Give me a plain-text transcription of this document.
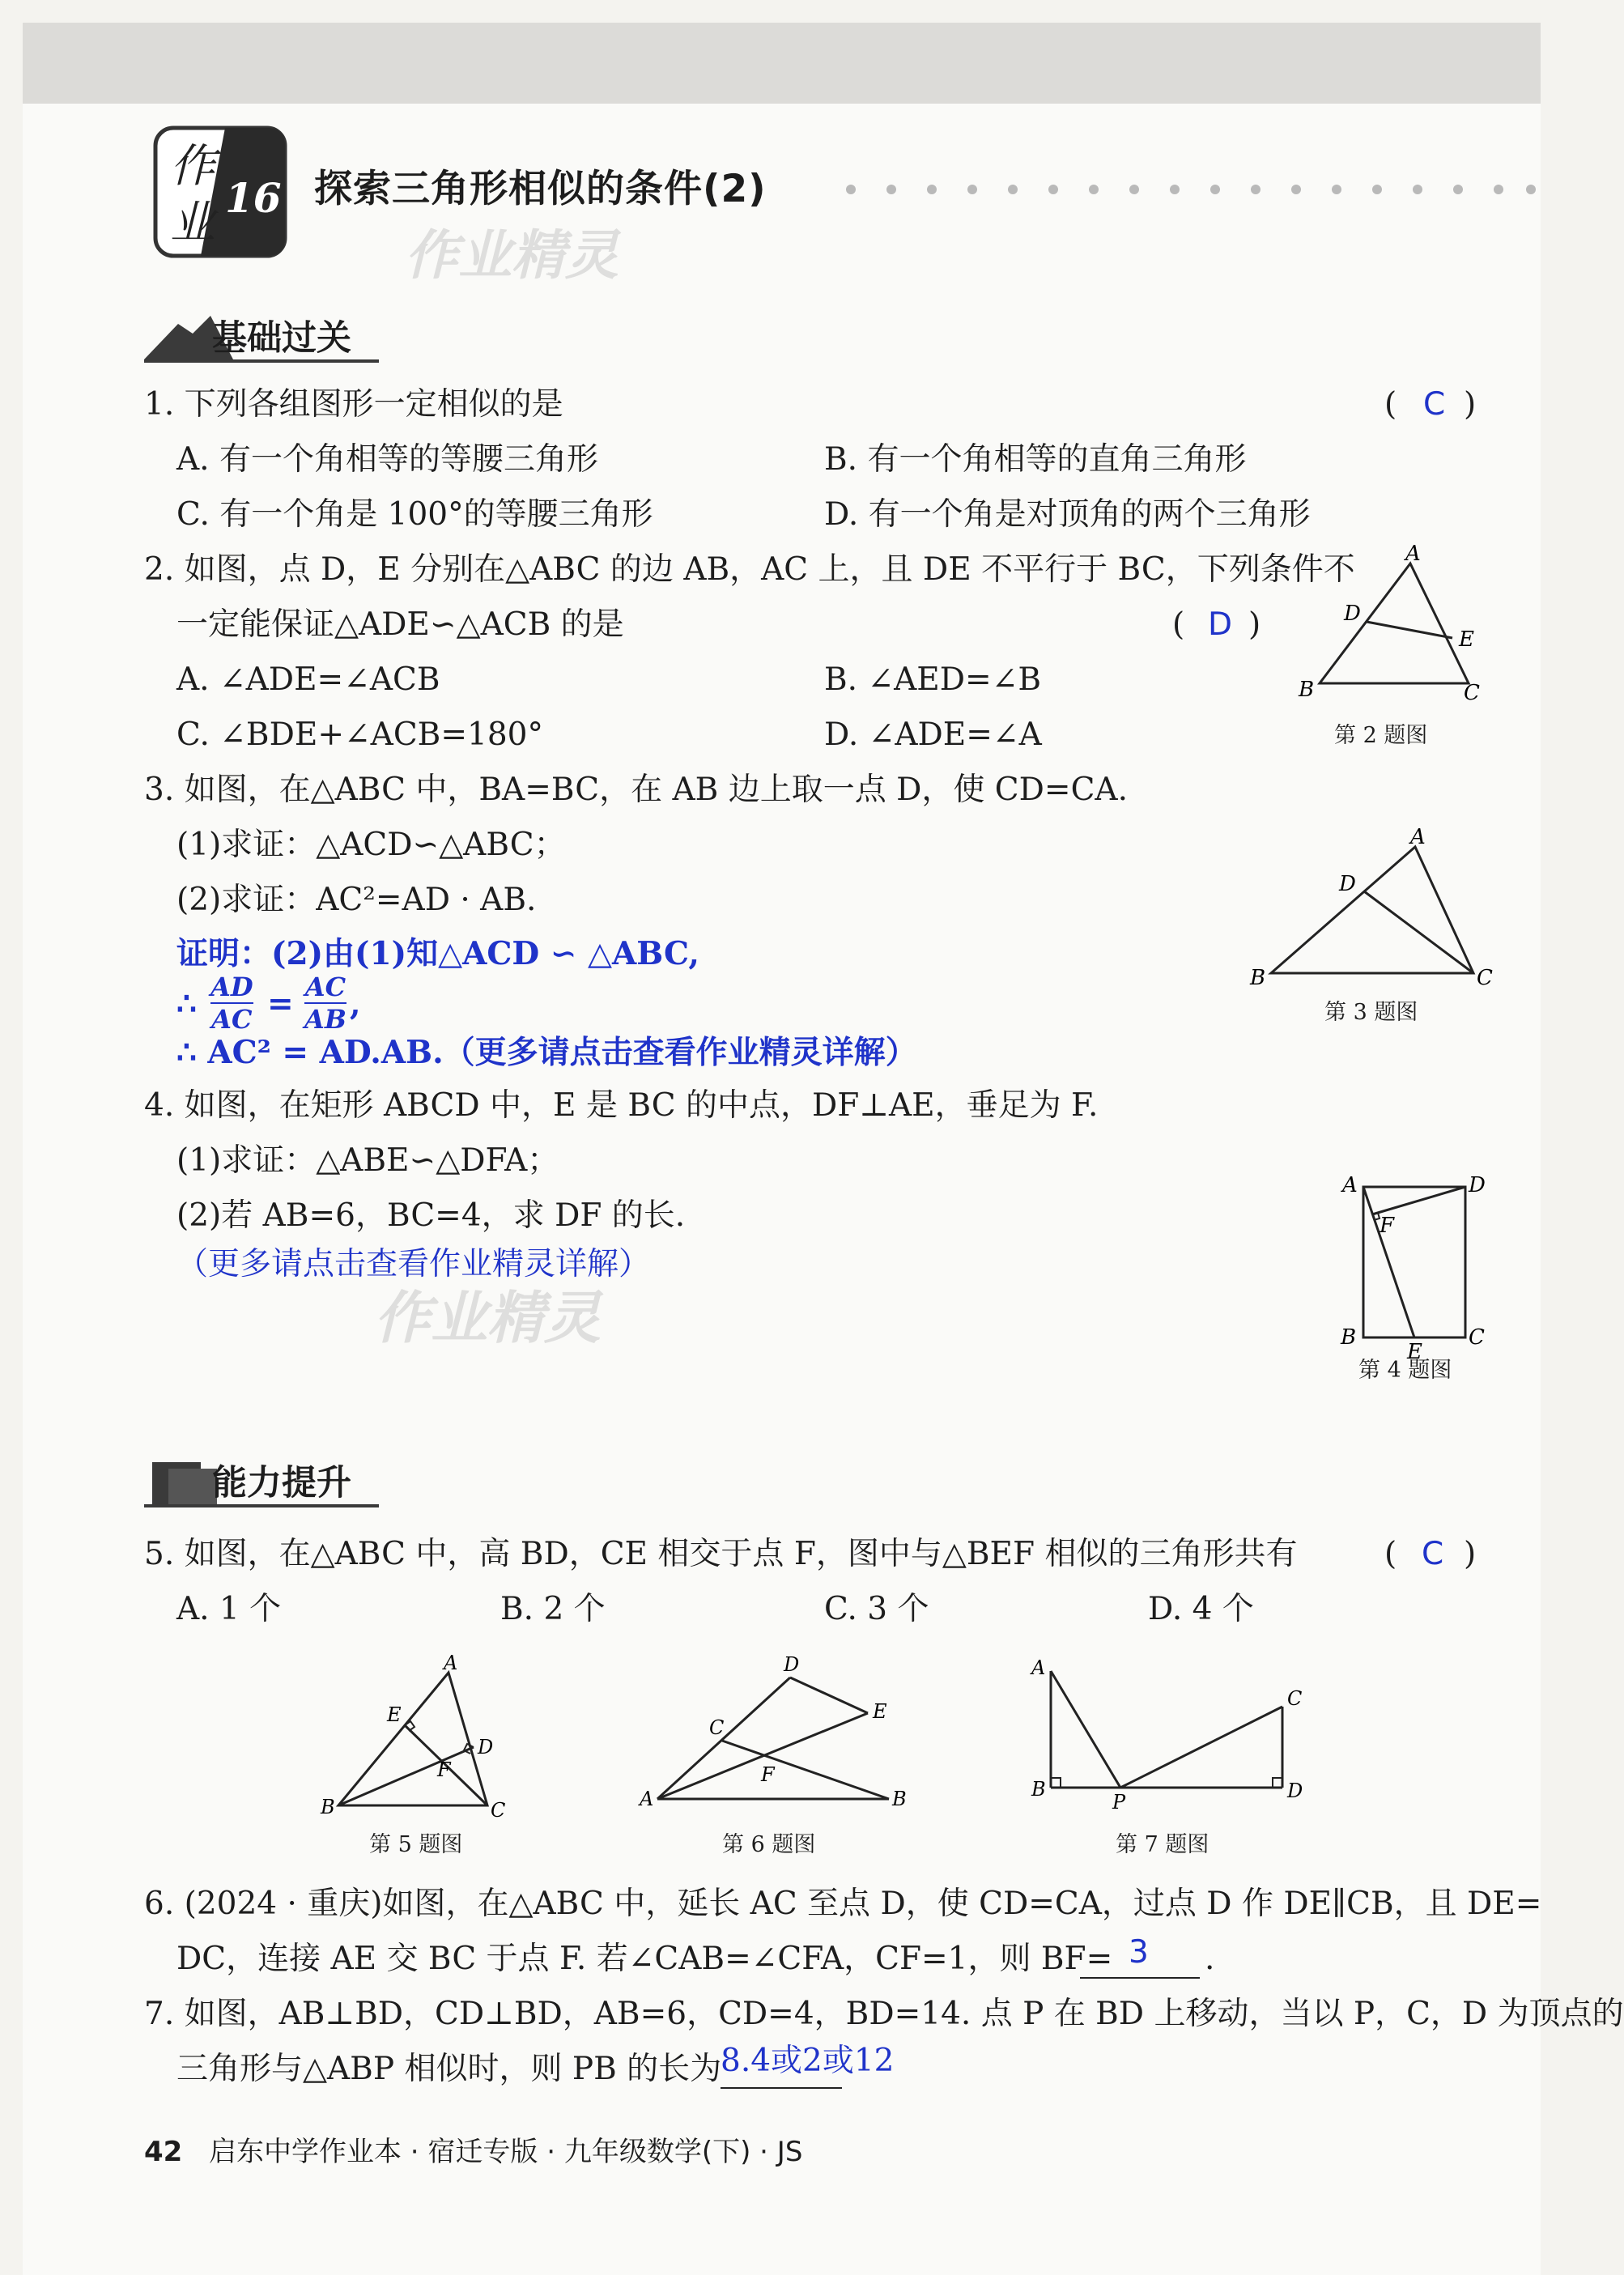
作
业 16 探索三角形相似的条件(2)
作业精灵
基础过关
1. 下列各组图形一定相似的是	( C )
A. 有一个角相等的等腰三角形	B. 有一个角相等的直角三角形
C. 有一个角是 100°的等腰三角形	D. 有一个角是对顶角的两个三角形
2. 如图，点 D，E 分别在△ABC 的边 AB，AC 上，且 DE 不平行于 BC，下列条件不
一定能保证△ADE∽△ACB 的是	( D )
A. ∠ADE=∠ACB	B. ∠AED=∠B
C. ∠BDE+∠ACB=180°	D. ∠ADE=∠A
A
D
E
B	C
第 2 题图
3. 如图，在△ABC 中，BA=BC，在 AB 边上取一点 D，使 CD=CA.
(1)求证：△ACD∽△ABC；
(2)求证：AC²=AD · AB.
证明：(2)由(1)知△ACD ∽ △ABC,
∴ AD
AC = AC
AB ,
∴ AC² = AD.AB.（更多请点击查看作业精灵详解）
A
D
B	C
第 3 题图
4. 如图，在矩形 ABCD 中，E 是 BC 的中点，DF⊥AE，垂足为 F.
(1)求证：△ABE∽△DFA；
(2)若 AB=6，BC=4，求 DF 的长.
（更多请点击查看作业精灵详解）
作业精灵
A	D
F
B	C
E
第 4 题图
能力提升
5. 如图，在△ABC 中，高 BD，CE 相交于点 F，图中与△BEF 相似的三角形共有	( C )
A. 1 个	B. 2 个	C. 3 个	D. 4 个
A
E
D
F
B	C
第 5 题图
D
E
C
F
A	B
第 6 题图
A
C
B
P	D
第 7 题图
6. (2024 · 重庆)如图，在△ABC 中，延长 AC 至点 D，使 CD=CA，过点 D 作 DE∥CB，且 DE=
DC，连接 AE 交 BC 于点 F. 若∠CAB=∠CFA，CF=1，则 BF= 3 .
7. 如图，AB⊥BD，CD⊥BD，AB=6，CD=4，BD=14. 点 P 在 BD 上移动，当以 P，C，D 为顶点的
三角形与△ABP 相似时，则 PB 的长为
8.4或2或12
42 启东中学作业本 · 宿迁专版 · 九年级数学(下) · JS
